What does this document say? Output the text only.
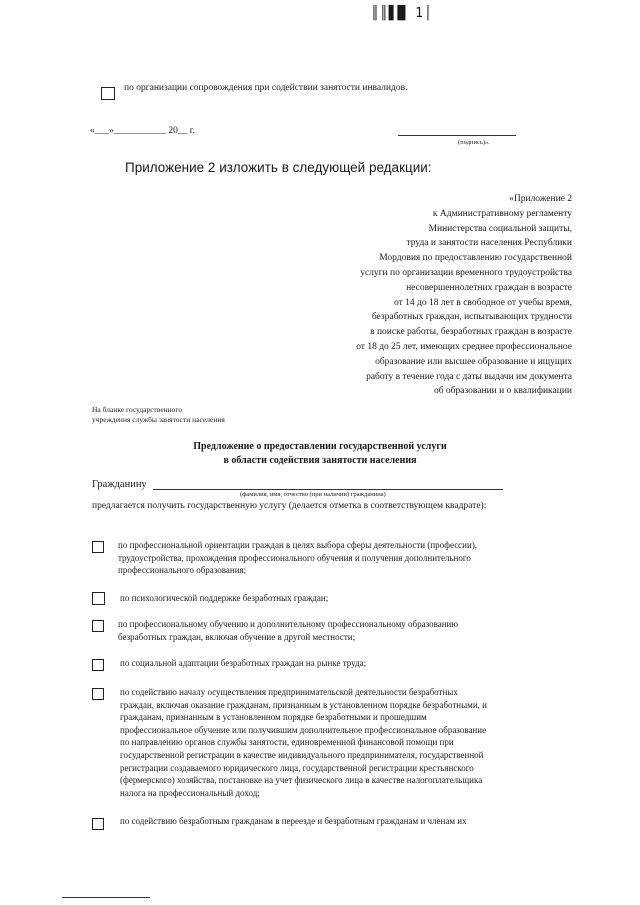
║║▋█ 1│
по организации сопровождения при содействии занятости инвалидов.
«___»___________ 20__ г.
(подпись)».
Приложение 2 изложить в следующей редакции:
«Приложение 2
к Административному регламенту
Министерства социальной защиты,
труда и занятости населения Республики
Мордовия по предоставлению государственной
услуги по организации временного трудоустройства
несовершеннолетних граждан в возрасте
от 14 до 18 лет в свободное от учебы время,
безработных граждан, испытывающих трудности
в поиске работы, безработных граждан в возрасте
от 18 до 25 лет, имеющих среднее профессиональное
образование или высшее образование и ищущих
работу в течение года с даты выдачи им документа
об образовании и о квалификации
На бланке государственного
учреждения службы занятости населения
Предложение о предоставлении государственной услуги
в области содействия занятости населения
Гражданину
(фамилия, имя, отчество (при наличии) гражданина)
предлагается получить государственную услугу (делается отметка в соответствующем квадрате):
по профессиональной ориентации граждан в целях выбора сферы деятельности (профессии),
трудоустройства, прохождения профессионального обучения и получения дополнительного
профессионального образования;
по психологической поддержке безработных граждан;
по профессиональному обучению и дополнительному профессиональному образованию
безработных граждан, включая обучение в другой местности;
по социальной адаптации безработных граждан на рынке труда;
по содействию началу осуществления предпринимательской деятельности безработных
граждан, включая оказание гражданам, признанным в установленном порядке безработными, и
гражданам, признанным в установленном порядке безработными и прошедшим
профессиональное обучение или получившим дополнительное профессиональное образование
по направлению органов службы занятости, единовременной финансовой помощи при
государственной регистрации в качестве индивидуального предпринимателя, государственной
регистрации создаваемого юридического лица, государственной регистрации крестьянского
(фермерского) хозяйства, постановке на учет физического лица в качестве налогоплательщика
налога на профессиональный доход;
по содействию безработным гражданам в переезде и безработным гражданам и членам их
